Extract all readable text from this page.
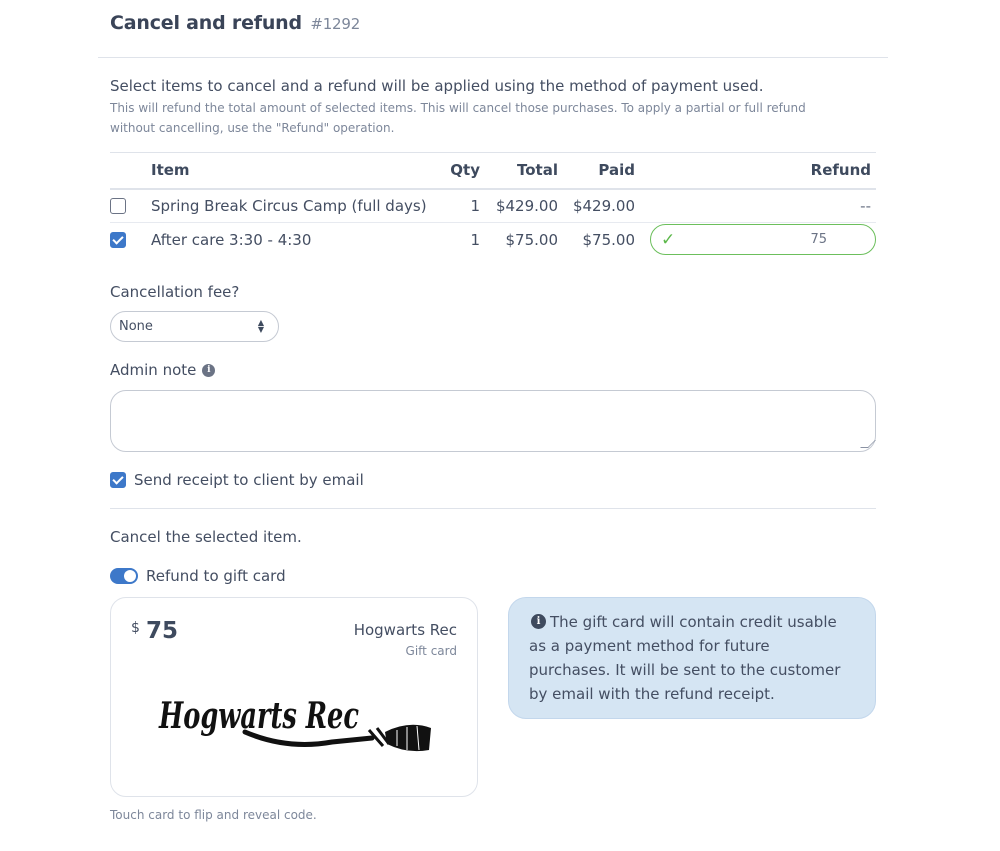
Cancel and refund #1292
Select items to cancel and a refund will be applied using the method of payment used.
This will refund the total amount of selected items. This will cancel those purchases. To apply a partial or full refund without cancelling, use the "Refund" operation.
	Item	Qty	Total	Paid	Refund
	Spring Break Circus Camp (full days)	1	$429.00	$429.00	--
	After care 3:30 - 4:30	1	$75.00	$75.00	✓ 75
Cancellation fee?
None	▲
▼
Admin note i
Send receipt to client by email
Cancel the selected item.
Refund to gift card
$ 75	Hogwarts Rec
Gift card
Hogwarts Rec
i The gift card will contain credit usable as a payment method for future purchases. It will be sent to the customer by email with the refund receipt.
Touch card to flip and reveal code.
